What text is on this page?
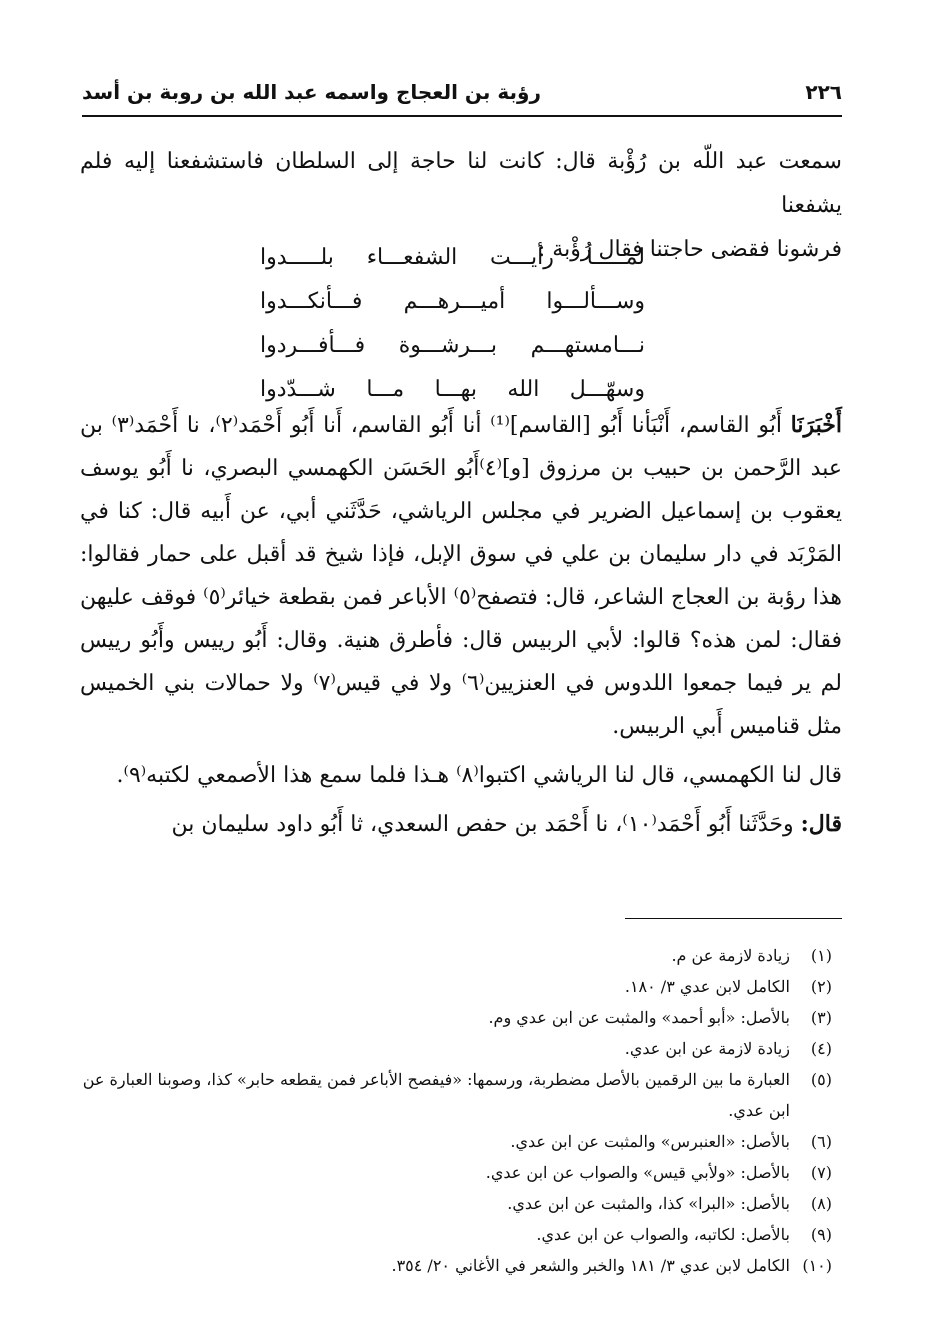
٢٢٦
رؤبة بن العجاج واسمه عبد الله بن روبة بن أسد

سمعت عبد اللّه بن رُؤْبة قال: كانت لنا حاجة إلى السلطان فاستشفعنا إليه فلم يشفعنا

فرشونا فقضى حاجتنا فقال رُؤْبة :

لمـــــا رأيـــت الشفعـــاء بلـــــدوا
وســـألـــوا أميـــرهـــم فـــأنكـــدوا
نـــامستهـــم بـــرشـــوة فـــأفـــردوا
وسهّـــل الله بهـــا مـــا شـــدّدوا

أَخْبَرَنَا أَبُو القاسم، أَنْبَأنا أَبُو [القاسم]⁽¹⁾ أنا أَبُو القاسم، أَنا أَبُو أَحْمَد⁽٢⁾، نا أَحْمَد⁽٣⁾ بن عبد الرَّحمن بن حبيب بن مرزوق [و]⁽٤⁾أَبُو الحَسَن الكهمسي البصري، نا أَبُو يوسف يعقوب بن إسماعيل الضرير في مجلس الرياشي، حَدَّثَني أبي، عن أَبيه قال: كنا في المَرْبَد في دار سليمان بن علي في سوق الإبل، فإذا شيخ قد أقبل على حمار فقالوا: هذا رؤبة بن العجاج الشاعر، قال: فتصفح⁽٥⁾ الأباعر فمن بقطعة خيائر⁽٥⁾ فوقف عليهن فقال: لمن هذه؟ قالوا: لأبي الربيس قال: فأطرق هنية. وقال: أَبُو رييس وأَبُو رييس لم ير فيما جمعوا اللدوس في العنزيين⁽٦⁾ ولا في قيس⁽٧⁾ ولا حمالات بني الخميس مثل قناميس أَبي الربيس.

قال لنا الكهمسي، قال لنا الرياشي اكتبوا⁽٨⁾ هـذا فلما سمع هذا الأصمعي لكتبه⁽٩⁾.

قال: وحَدَّثَنا أَبُو أَحْمَد⁽١٠⁾، نا أَحْمَد بن حفص السعدي، ثا أَبُو داود سليمان بن

(١)
زيادة لازمة عن م.
(٢)
الكامل لابن عدي ٣/ ١٨٠.
(٣)
بالأصل: «أبو أحمد» والمثبت عن ابن عدي وم.
(٤)
زيادة لازمة عن ابن عدي.
(٥)
العبارة ما بين الرقمين بالأصل مضطربة، ورسمها: «فيفصح الأباعر فمن يقطعه حابر» كذا، وصوبنا العبارة عن ابن عدي.
(٦)
بالأصل: «العنبرس» والمثبت عن ابن عدي.
(٧)
بالأصل: «ولأبي قيس» والصواب عن ابن عدي.
(٨)
بالأصل: «البرا» كذا، والمثبت عن ابن عدي.
(٩)
بالأصل: لكاتبه، والصواب عن ابن عدي.
(١٠)
الكامل لابن عدي ٣/ ١٨١ والخبر والشعر في الأغاني ٢٠/ ٣٥٤.
